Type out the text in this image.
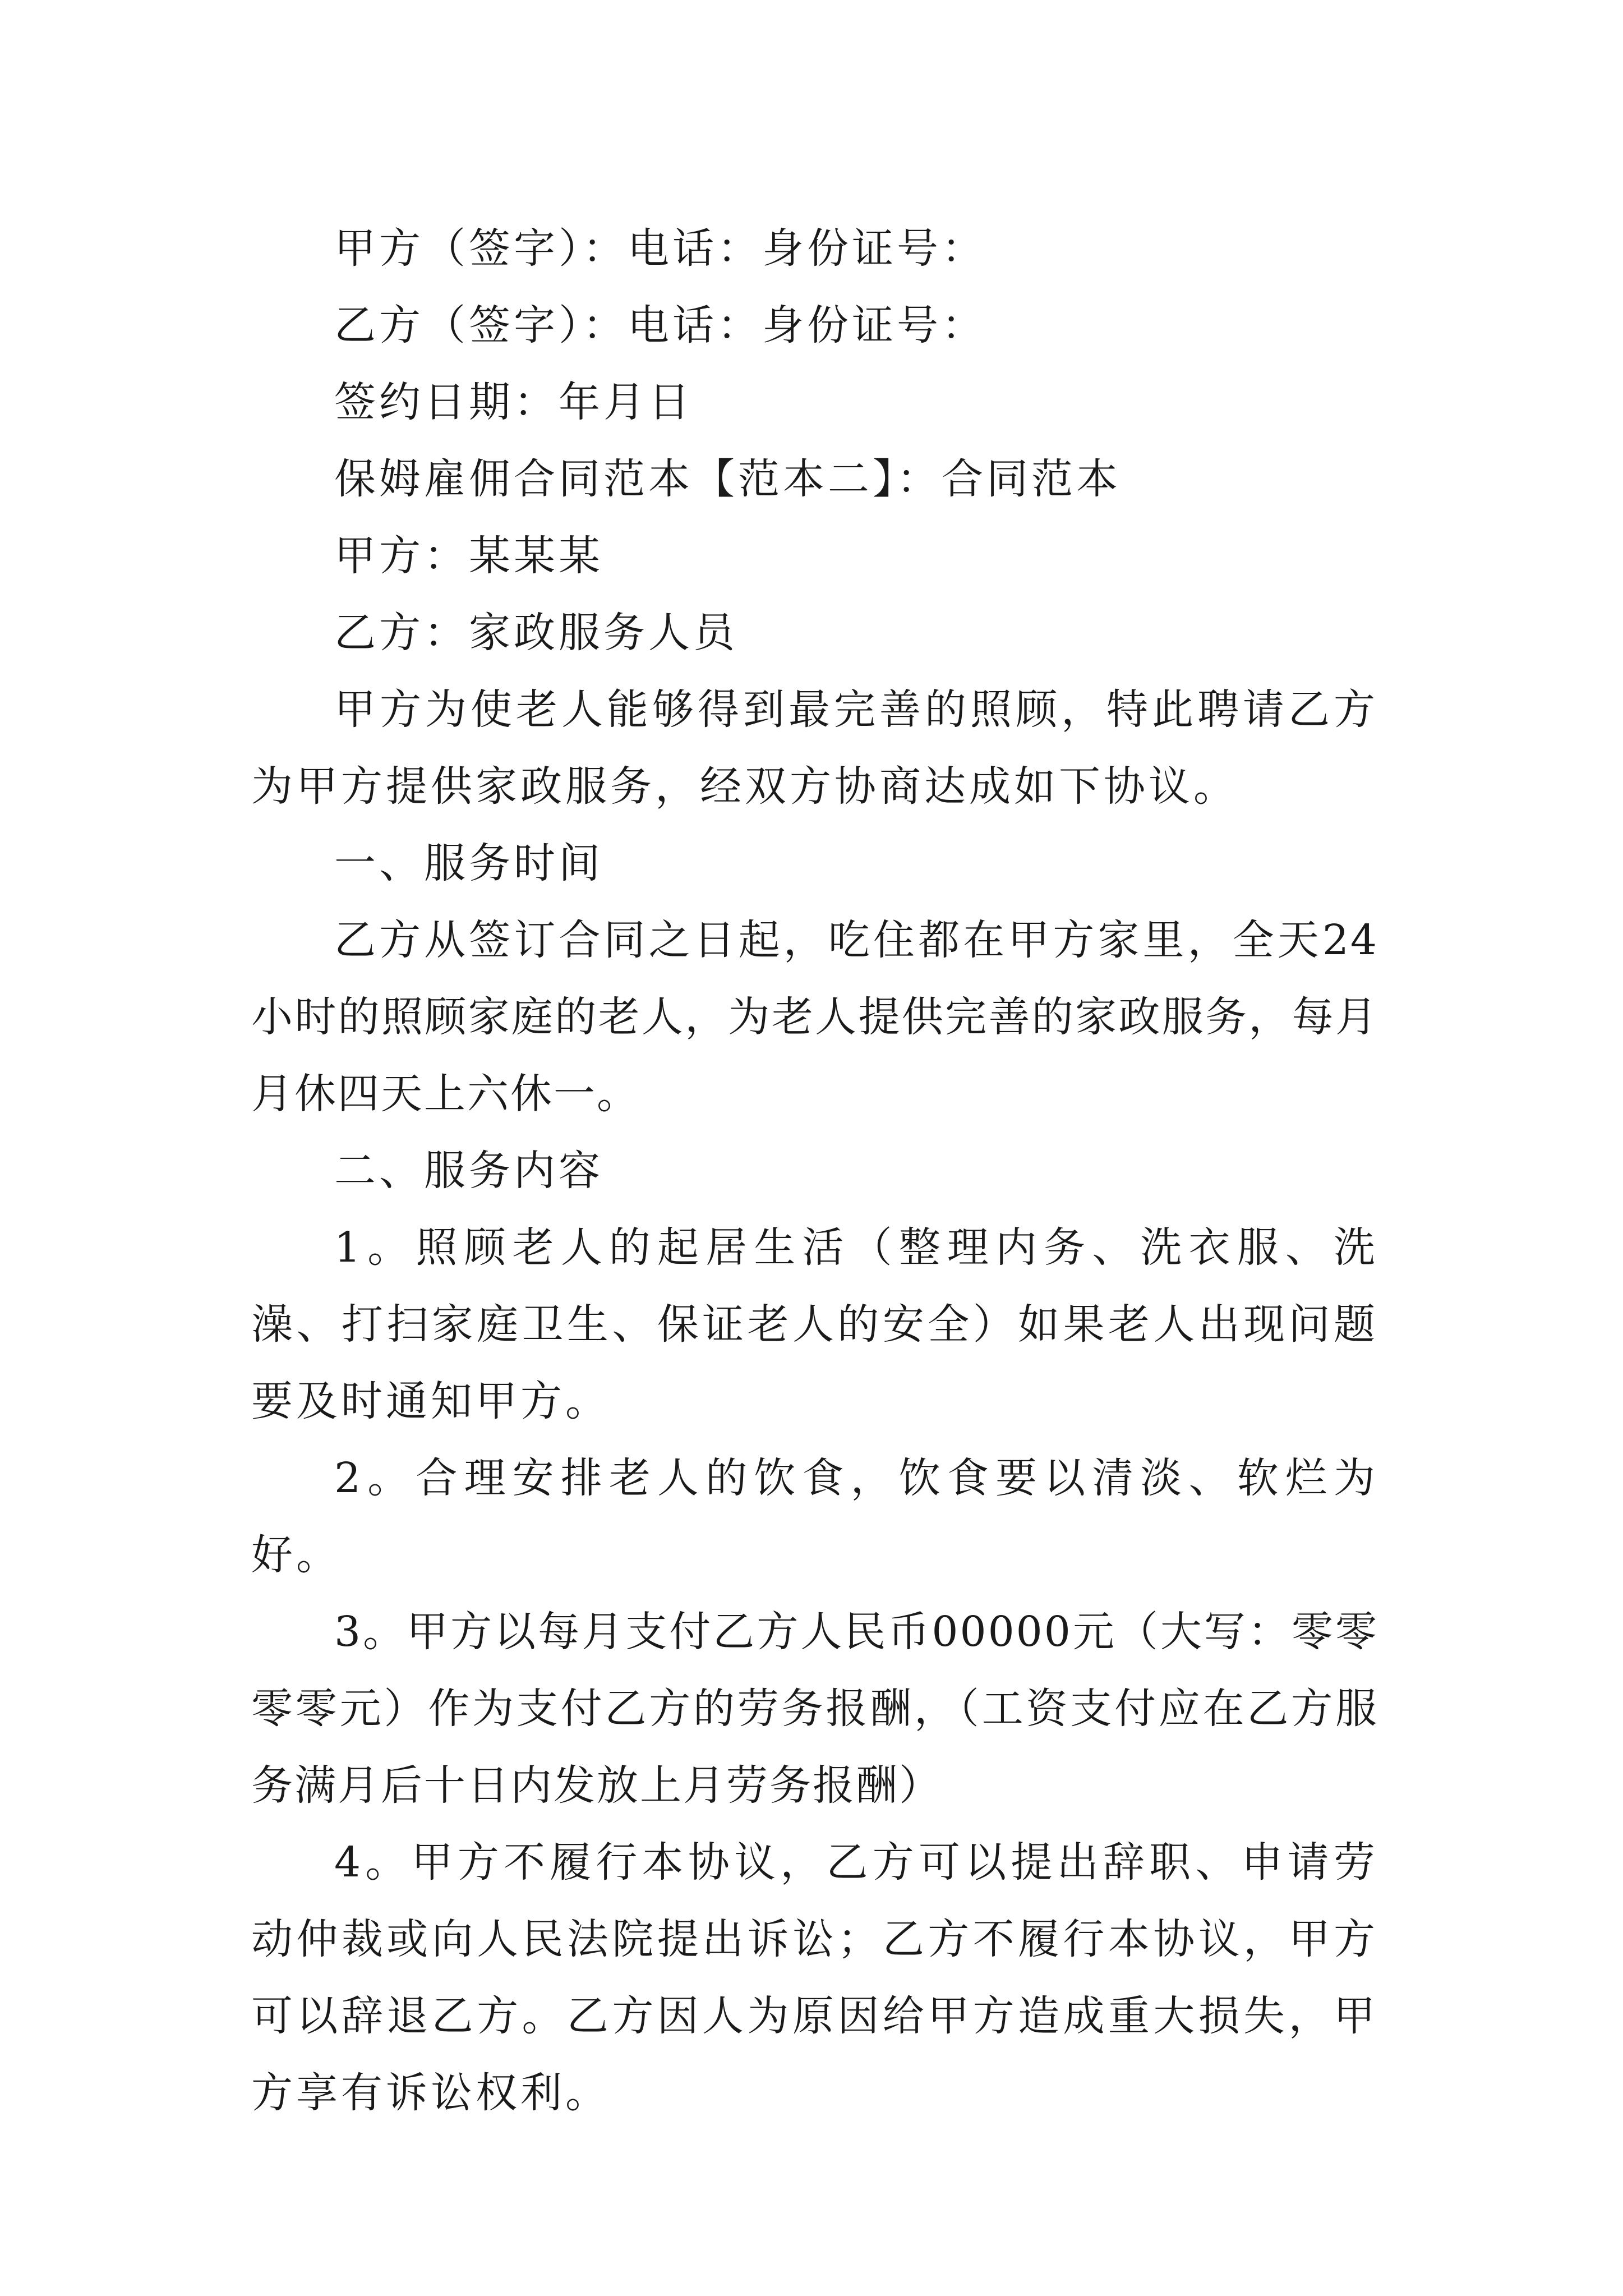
甲方（签字）：电话：身份证号：

乙方（签字）：电话：身份证号：

签约日期：年月日

保姆雇佣合同范本【范本二】：合同范本

甲方：某某某

乙方：家政服务人员

甲方为使老人能够得到最完善的照顾，特此聘请乙方为甲方提供家政服务，经双方协商达成如下协议。

一、服务时间

乙方从签订合同之日起，吃住都在甲方家里，全天24小时的照顾家庭的老人，为老人提供完善的家政服务，每月月休四天上六休一。

二、服务内容

1。照顾老人的起居生活（整理内务、洗衣服、洗澡、打扫家庭卫生、保证老人的安全）如果老人出现问题要及时通知甲方。

2。合理安排老人的饮食，饮食要以清淡、软烂为好。

3。甲方以每月支付乙方人民币00000元（大写：零零零零元）作为支付乙方的劳务报酬，（工资支付应在乙方服务满月后十日内发放上月劳务报酬）

4。甲方不履行本协议，乙方可以提出辞职、申请劳动仲裁或向人民法院提出诉讼；乙方不履行本协议，甲方可以辞退乙方。乙方因人为原因给甲方造成重大损失，甲方享有诉讼权利。
